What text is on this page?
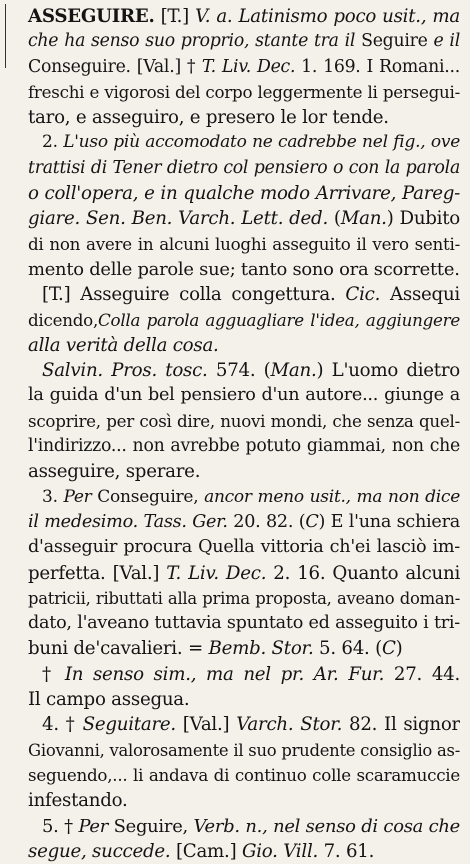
ASSEGUIRE. [T.] V. a. Latinismo poco usit., ma
che ha senso suo proprio, stante tra il Seguire e il
Conseguire. [Val.] † T. Liv. Dec. 1. 169. I Romani...
freschi e vigorosi del corpo leggermente li persegui-
taro, e asseguiro, e presero le lor tende.
2. L'uso più accomodato ne cadrebbe nel fig., ove
trattisi di Tener dietro col pensiero o con la parola
o coll'opera, e in qualche modo Arrivare, Pareg-
giare. Sen. Ben. Varch. Lett. ded. (Man.) Dubito
di non avere in alcuni luoghi asseguito il vero senti-
mento delle parole sue; tanto sono ora scorrette.
[T.] Asseguire colla congettura. Cic. Assequi
dicendo,Colla parola agguagliare l'idea, aggiungere
alla verità della cosa.
Salvin. Pros. tosc. 574. (Man.) L'uomo dietro
la guida d'un bel pensiero d'un autore... giunge a
scoprire, per così dire, nuovi mondi, che senza quel-
l'indirizzo... non avrebbe potuto giammai, non che
asseguire, sperare.
3. Per Conseguire, ancor meno usit., ma non dice
il medesimo. Tass. Ger. 20. 82. (C) E l'una schiera
d'asseguir procura Quella vittoria ch'ei lasciò im-
perfetta. [Val.] T. Liv. Dec. 2. 16. Quanto alcuni
patricii, ributtati alla prima proposta, aveano doman-
dato, l'aveano tuttavia spuntato ed asseguito i tri-
buni de'cavalieri. = Bemb. Stor. 5. 64. (C)
† In senso sim., ma nel pr. Ar. Fur. 27. 44.
Il campo assegua.
4. † Seguitare. [Val.] Varch. Stor. 82. Il signor
Giovanni, valorosamente il suo prudente consiglio as-
seguendo,... li andava di continuo colle scaramuccie
infestando.
5. † Per Seguire, Verb. n., nel senso di cosa che
segue, succede. [Cam.] Gio. Vill. 7. 61.
